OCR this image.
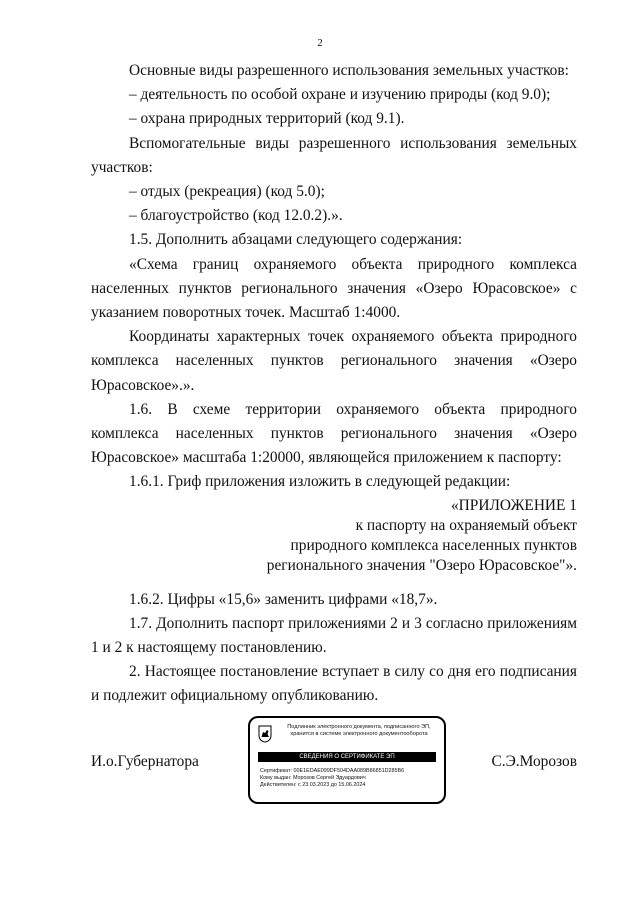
2

Основные виды разрешенного использования земельных участков:

– деятельность по особой охране и изучению природы (код 9.0);

– охрана природных территорий (код 9.1).

Вспомогательные виды разрешенного использования земельных участков:

– отдых (рекреация) (код 5.0);

– благоустройство (код 12.0.2).».

1.5. Дополнить абзацами следующего содержания:

«Схема границ охраняемого объекта природного комплекса населенных пунктов регионального значения «Озеро Юрасовское» с указанием поворотных точек. Масштаб 1:4000.

Координаты характерных точек охраняемого объекта природного комплекса населенных пунктов регионального значения «Озеро Юрасовское».».

1.6. В схеме территории охраняемого объекта природного комплекса населенных пунктов регионального значения «Озеро Юрасовское» масштаба 1:20000, являющейся приложением к паспорту:

1.6.1. Гриф приложения изложить в следующей редакции:

«ПРИЛОЖЕНИЕ 1

к паспорту на охраняемый объект

природного комплекса населенных пунктов

регионального значения "Озеро Юрасовское"».

1.6.2. Цифры «15,6» заменить цифрами «18,7».

1.7. Дополнить паспорт приложениями 2 и 3 согласно приложениям 1 и 2 к настоящему постановлению.

2. Настоящее постановление вступает в силу со дня его подписания и подлежит официальному опубликованию.

И.о.Губернатора
Подлинник электронного документа, подписанного ЭП,
хранится в системе электронного документооборота
СВЕДЕНИЯ О СЕРТИФИКАТЕ ЭП
Сертификат: 00E1EDAE099DF504DAA089B86851D285B6
Кому выдан: Морозов Сергей Эдуардович
Действителен: с 23.03.2023 до 15.06.2024
С.Э.Морозов
